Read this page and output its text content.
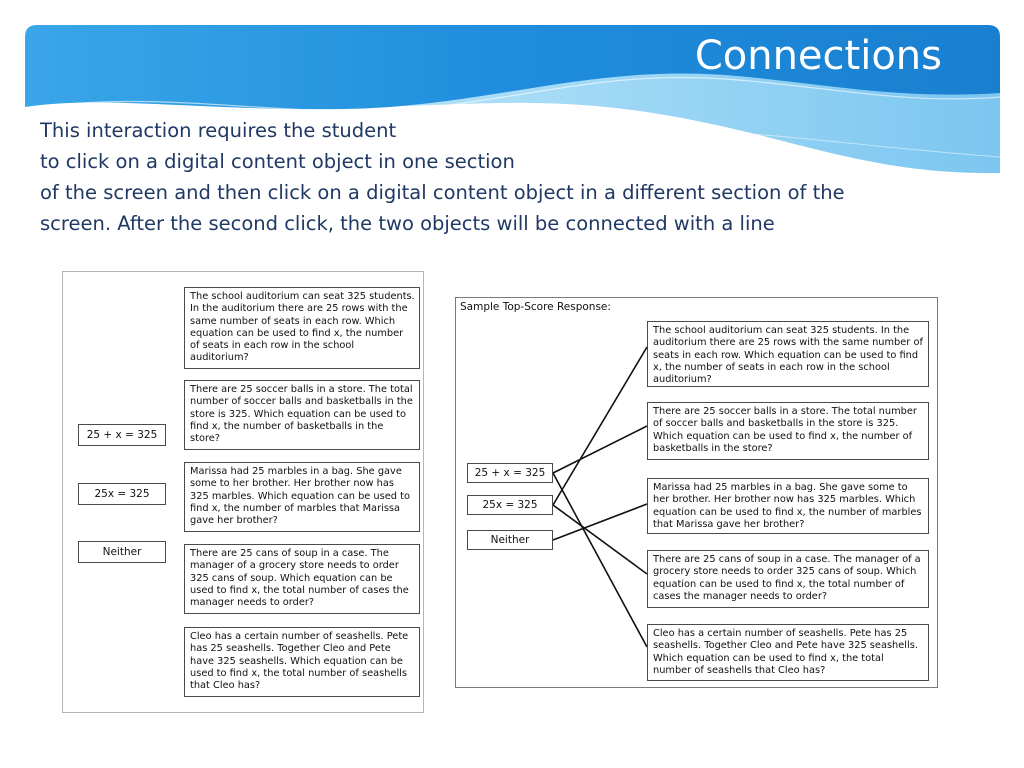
Connections
This interaction requires the student
to click on a digital content object in one section
of the screen and then click on a digital content object in a different section of the
screen. After the second click, the two objects will be connected with a line
25 + x = 325
25x = 325
Neither
The school auditorium can seat 325 students. In the auditorium there are 25 rows with the same number of seats in each row. Which equation can be used to find x, the number of seats in each row in the school auditorium?
There are 25 soccer balls in a store. The total number of soccer balls and basketballs in the store is 325. Which equation can be used to find x, the number of basketballs in the store?
Marissa had 25 marbles in a bag. She gave some to her brother. Her brother now has 325 marbles. Which equation can be used to find x, the number of marbles that Marissa gave her brother?
There are 25 cans of soup in a case. The manager of a grocery store needs to order 325 cans of soup. Which equation can be used to find x, the total number of cases the manager needs to order?
Cleo has a certain number of seashells. Pete has 25 seashells. Together Cleo and Pete have 325 seashells. Which equation can be used to find x, the total number of seashells that Cleo has?
Sample Top-Score Response:
25 + x = 325
25x = 325
Neither
The school auditorium can seat 325 students. In the auditorium there are 25 rows with the same number of seats in each row. Which equation can be used to find x, the number of seats in each row in the school auditorium?
There are 25 soccer balls in a store. The total number of soccer balls and basketballs in the store is 325. Which equation can be used to find x, the number of basketballs in the store?
Marissa had 25 marbles in a bag. She gave some to her brother. Her brother now has 325 marbles. Which equation can be used to find x, the number of marbles that Marissa gave her brother?
There are 25 cans of soup in a case. The manager of a grocery store needs to order 325 cans of soup. Which equation can be used to find x, the total number of cases the manager needs to order?
Cleo has a certain number of seashells. Pete has 25 seashells. Together Cleo and Pete have 325 seashells. Which equation can be used to find x, the total number of seashells that Cleo has?
